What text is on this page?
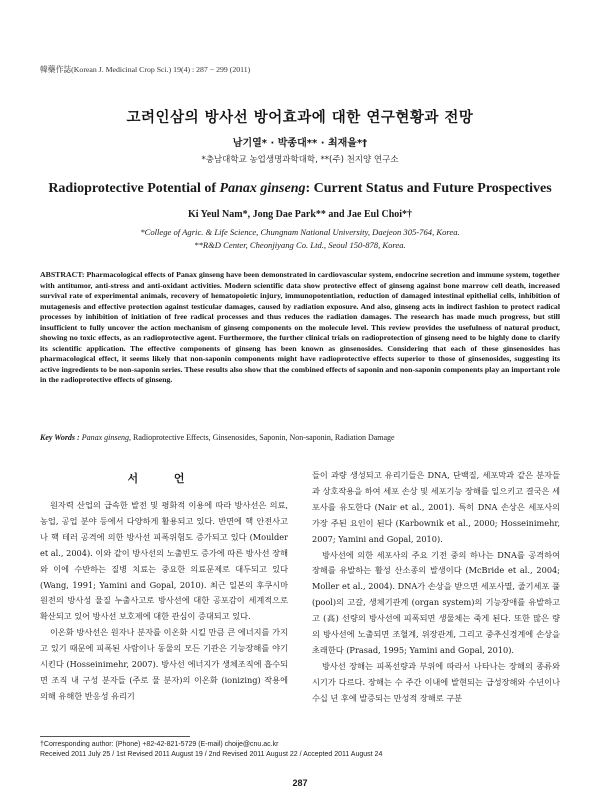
韓藥作誌(Korean J. Medicinal Crop Sci.) 19(4) : 287 − 299 (2011)
고려인삼의 방사선 방어효과에 대한 연구현황과 전망
남기열* · 박종대** · 최재을*†
*충남대학교 농업생명과학대학, **(주) 천지양 연구소
Radioprotective Potential of Panax ginseng: Current Status and Future Prospectives
Ki Yeul Nam*, Jong Dae Park** and Jae Eul Choi*†
*College of Agric. & Life Science, Chungnam National University, Daejeon 305-764, Korea.
**R&D Center, Cheonjiyang Co. Ltd., Seoul 150-878, Korea.
ABSTRACT: Pharmacological effects of Panax ginseng have been demonstrated in cardiovascular system, endocrine secretion and immune system, together with antitumor, anti-stress and anti-oxidant activities. Modern scientific data show protective effect of ginseng against bone marrow cell death, increased survival rate of experimental animals, recovery of hematopoietic injury, immunopotentiation, reduction of damaged intestinal epithelial cells, inhibition of mutagenesis and effective protection against testicular damages, caused by radiation exposure. And also, ginseng acts in indirect fashion to protect radical processes by inhibition of initiation of free radical processes and thus reduces the radiation damages. The research has made much progress, but still insufficient to fully uncover the action mechanism of ginseng components on the molecule level. This review provides the usefulness of natural product, showing no toxic effects, as an radioprotective agent. Furthermore, the further clinical trials on radioprotection of ginseng need to be highly done to clarify its scientific application. The effective components of ginseng has been known as ginsenosides. Considering that each of these ginsenosides has pharmacological effect, it seems likely that non-saponin components might have radioprotective effects superior to those of ginsenosides, suggesting its active ingredients to be non-saponin series. These results also show that the combined effects of saponin and non-saponin components play an important role in the radioprotective effects of ginseng.
Key Words : Panax ginseng, Radioprotective Effects, Ginsenosides, Saponin, Non-saponin, Radiation Damage
서 언

원자력 산업의 급속한 발전 및 평화적 이용에 따라 방사선은 의료, 농업, 공업 분야 등에서 다양하게 활용되고 있다. 반면에 핵 안전사고나 핵 테러 공격에 의한 방사선 피폭위험도 증가되고 있다 (Moulder et al., 2004). 이와 같이 방사선의 노출빈도 증가에 따른 방사선 장해와 이에 수반하는 질병 치료는 중요한 의료문제로 대두되고 있다 (Wang, 1991; Yamini and Gopal, 2010). 최근 일본의 후쿠시마 원전의 방사성 물질 누출사고로 방사선에 대한 공포감이 세계적으로 확산되고 있어 방사선 보호제에 대한 관심이 증대되고 있다.

이온화 방사선은 원자나 분자를 이온화 시킬 만큼 큰 에너지를 가지고 있기 때문에 피폭된 사람이나 동물의 모든 기관은 기능장해를 야기 시킨다 (Hosseinimehr, 2007). 방사선 에너지가 생체조직에 흡수되면 조직 내 구성 분자들 (주로 물 분자)의 이온화 (ionizing) 작용에 의해 유해한 반응성 유리기

들이 과량 생성되고 유리기들은 DNA, 단백질, 세포막과 같은 분자들과 상호작용을 하여 세포 손상 및 세포기능 장해를 일으키고 결국은 세포사를 유도한다 (Nair et al., 2001). 특히 DNA 손상은 세포사의 가장 주된 요인이 된다 (Karbownik et al., 2000; Hosseinimehr, 2007; Yamini and Gopal, 2010).

방사선에 의한 세포사의 주요 기전 중의 하나는 DNA를 공격하여 장해를 유발하는 활성 산소종의 발생이다 (McBride et al., 2004; Moller et al., 2004). DNA가 손상을 받으면 세포사멸, 줄기세포 풀 (pool)의 고갈, 생체기관계 (organ system)의 기능장애를 유발하고 고 (高) 선량의 방사선에 피폭되면 생물체는 죽게 된다. 또한 많은 량의 방사선에 노출되면 조혈계, 위장관계, 그리고 중추신경계에 손상을 초래한다 (Prasad, 1995; Yamini and Gopal, 2010).

방사선 장해는 피폭선량과 부위에 따라서 나타나는 장해의 종류와 시기가 다르다. 장해는 수 주간 이내에 발현되는 급성장해와 수년이나 수십 년 후에 발증되는 만성적 장해로 구분

†Corresponding author: (Phone) +82-42-821-5729 (E-mail) choije@cnu.ac.kr
Received 2011 July 25 / 1st Revised 2011 August 19 / 2nd Revised 2011 August 22 / Accepted 2011 August 24
287
